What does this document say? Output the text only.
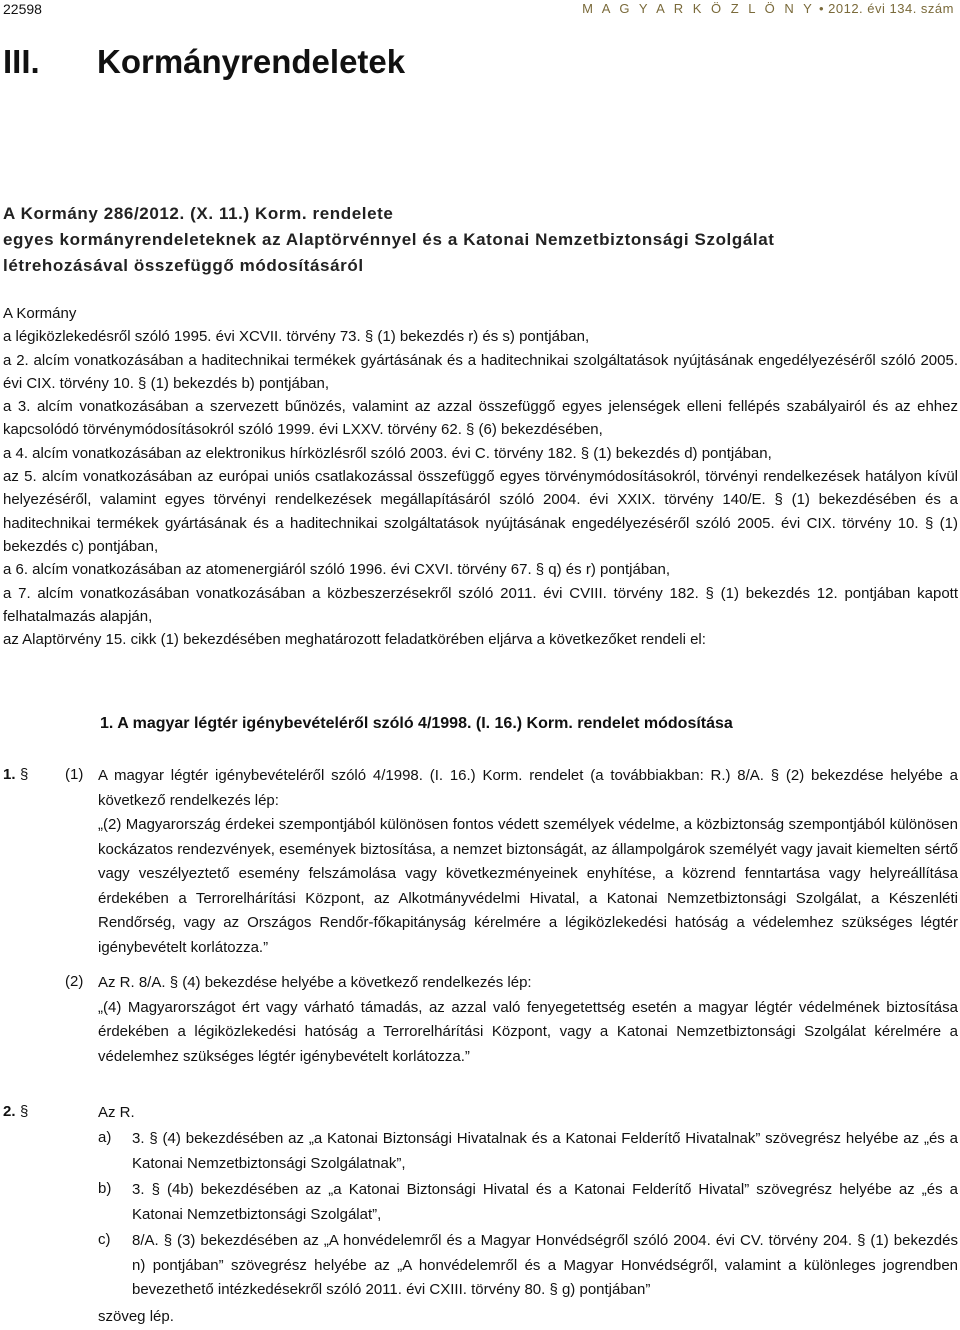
22598	M A G Y A R K Ö Z L Ö N Y • 2012. évi 134. szám
III. Kormányrendeletek
A Kormány 286/2012. (X. 11.) Korm. rendelete
egyes kormányrendeleteknek az Alaptörvénnyel és a Katonai Nemzetbiztonsági Szolgálat
létrehozásával összefüggő módosításáról

A Kormány

a légiközlekedésről szóló 1995. évi XCVII. törvény 73. § (1) bekezdés r) és s) pontjában,

a 2. alcím vonatkozásában a haditechnikai termékek gyártásának és a haditechnikai szolgáltatások nyújtásának engedélyezéséről szóló 2005. évi CIX. törvény 10. § (1) bekezdés b) pontjában,

a 3. alcím vonatkozásában a szervezett bűnözés, valamint az azzal összefüggő egyes jelenségek elleni fellépés szabályairól és az ehhez kapcsolódó törvénymódosításokról szóló 1999. évi LXXV. törvény 62. § (6) bekezdésében,

a 4. alcím vonatkozásában az elektronikus hírközlésről szóló 2003. évi C. törvény 182. § (1) bekezdés d) pontjában,

az 5. alcím vonatkozásában az európai uniós csatlakozással összefüggő egyes törvénymódosításokról, törvényi rendelkezések hatályon kívül helyezéséről, valamint egyes törvényi rendelkezések megállapításáról szóló 2004. évi XXIX. törvény 140/E. § (1) bekezdésében és a haditechnikai termékek gyártásának és a haditechnikai szolgáltatások nyújtásának engedélyezéséről szóló 2005. évi CIX. törvény 10. § (1) bekezdés c) pontjában,

a 6. alcím vonatkozásában az atomenergiáról szóló 1996. évi CXVI. törvény 67. § q) és r) pontjában,

a 7. alcím vonatkozásában vonatkozásában a közbeszerzésekről szóló 2011. évi CVIII. törvény 182. § (1) bekezdés 12. pontjában kapott felhatalmazás alapján,

az Alaptörvény 15. cikk (1) bekezdésében meghatározott feladatkörében eljárva a következőket rendeli el:

1. A magyar légtér igénybevételéről szóló 4/1998. (I. 16.) Korm. rendelet módosítása
1. § (1) A magyar légtér igénybevételéről szóló 4/1998. (I. 16.) Korm. rendelet (a továbbiakban: R.) 8/A. § (2) bekezdése helyébe a következő rendelkezés lép:

„(2) Magyarország érdekei szempontjából különösen fontos védett személyek védelme, a közbiztonság szempontjából különösen kockázatos rendezvények, események biztosítása, a nemzet biztonságát, az állampolgárok személyét vagy javait kiemelten sértő vagy veszélyeztető esemény felszámolása vagy következményeinek enyhítése, a közrend fenntartása vagy helyreállítása érdekében a Terrorelhárítási Központ, az Alkotmányvédelmi Hivatal, a Katonai Nemzetbiztonsági Szolgálat, a Készenléti Rendőrség, vagy az Országos Rendőr-főkapitányság kérelmére a légiközlekedési hatóság a védelemhez szükséges légtér igénybevételt korlátozza.”

(2) Az R. 8/A. § (4) bekezdése helyébe a következő rendelkezés lép:

„(4) Magyarországot ért vagy várható támadás, az azzal való fenyegetettség esetén a magyar légtér védelmének biztosítása érdekében a légiközlekedési hatóság a Terrorelhárítási Központ, vagy a Katonai Nemzetbiztonsági Szolgálat kérelmére a védelemhez szükséges légtér igénybevételt korlátozza.”

2. §	Az R.
a) 3. § (4) bekezdésében az „a Katonai Biztonsági Hivatalnak és a Katonai Felderítő Hivatalnak” szövegrész helyébe az „és a Katonai Nemzetbiztonsági Szolgálatnak”,

b) 3. § (4b) bekezdésében az „a Katonai Biztonsági Hivatal és a Katonai Felderítő Hivatal” szövegrész helyébe az „és a Katonai Nemzetbiztonsági Szolgálat”,

c) 8/A. § (3) bekezdésében az „A honvédelemről és a Magyar Honvédségről szóló 2004. évi CV. törvény 204. § (1) bekezdés n) pontjában” szövegrész helyébe az „A honvédelemről és a Magyar Honvédségről, valamint a különleges jogrendben bevezethető intézkedésekről szóló 2011. évi CXIII. törvény 80. § g) pontjában”

szöveg lép.
